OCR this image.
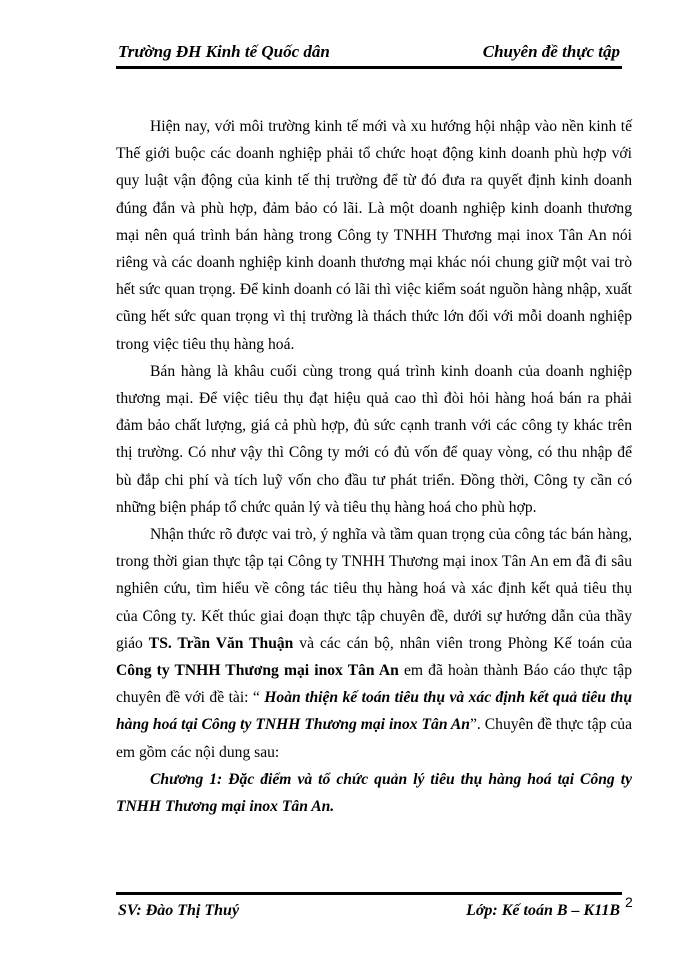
Trường ĐH Kinh tế Quốc dân	Chuyên đề thực tập

Hiện nay, với môi trường kinh tế mới và xu hướng hội nhập vào nền kinh tế Thế giới buộc các doanh nghiệp phải tổ chức hoạt động kinh doanh phù hợp với quy luật vận động của kinh tế thị trường để từ đó đưa ra quyết định kinh doanh đúng đắn và phù hợp, đảm bảo có lãi. Là một doanh nghiệp kinh doanh thương mại nên quá trình bán hàng trong Công ty TNHH Thương mại inox Tân An nói riêng và các doanh nghiệp kinh doanh thương mại khác nói chung giữ một vai trò hết sức quan trọng. Để kinh doanh có lãi thì việc kiểm soát nguồn hàng nhập, xuất cũng hết sức quan trọng vì thị trường là thách thức lớn đối với mỗi doanh nghiệp trong việc tiêu thụ hàng hoá.

Bán hàng là khâu cuối cùng trong quá trình kinh doanh của doanh nghiệp thương mại. Để việc tiêu thụ đạt hiệu quả cao thì đòi hỏi hàng hoá bán ra phải đảm bảo chất lượng, giá cả phù hợp, đủ sức cạnh tranh với các công ty khác trên thị trường. Có như vậy thì Công ty mới có đủ vốn để quay vòng, có thu nhập để bù đắp chi phí và tích luỹ vốn cho đầu tư phát triển. Đồng thời, Công ty cần có những biện pháp tổ chức quản lý và tiêu thụ hàng hoá cho phù hợp.

Nhận thức rõ được vai trò, ý nghĩa và tầm quan trọng của công tác bán hàng, trong thời gian thực tập tại Công ty TNHH Thương mại inox Tân An em đã đi sâu nghiên cứu, tìm hiểu về công tác tiêu thụ hàng hoá và xác định kết quả tiêu thụ của Công ty. Kết thúc giai đoạn thực tập chuyên đề, dưới sự hướng dẫn của thầy giáo TS. Trần Văn Thuận và các cán bộ, nhân viên trong Phòng Kế toán của Công ty TNHH Thương mại inox Tân An em đã hoàn thành Báo cáo thực tập chuyên đề với đề tài: “ Hoàn thiện kế toán tiêu thụ và xác định kết quả tiêu thụ hàng hoá tại Công ty TNHH Thương mại inox Tân An”. Chuyên đề thực tập của em gồm các nội dung sau:

Chương 1: Đặc điểm và tổ chức quản lý tiêu thụ hàng hoá tại Công ty TNHH Thương mại inox Tân An.

SV: Đào Thị Thuý	Lớp: Kế toán B – K11B 2
